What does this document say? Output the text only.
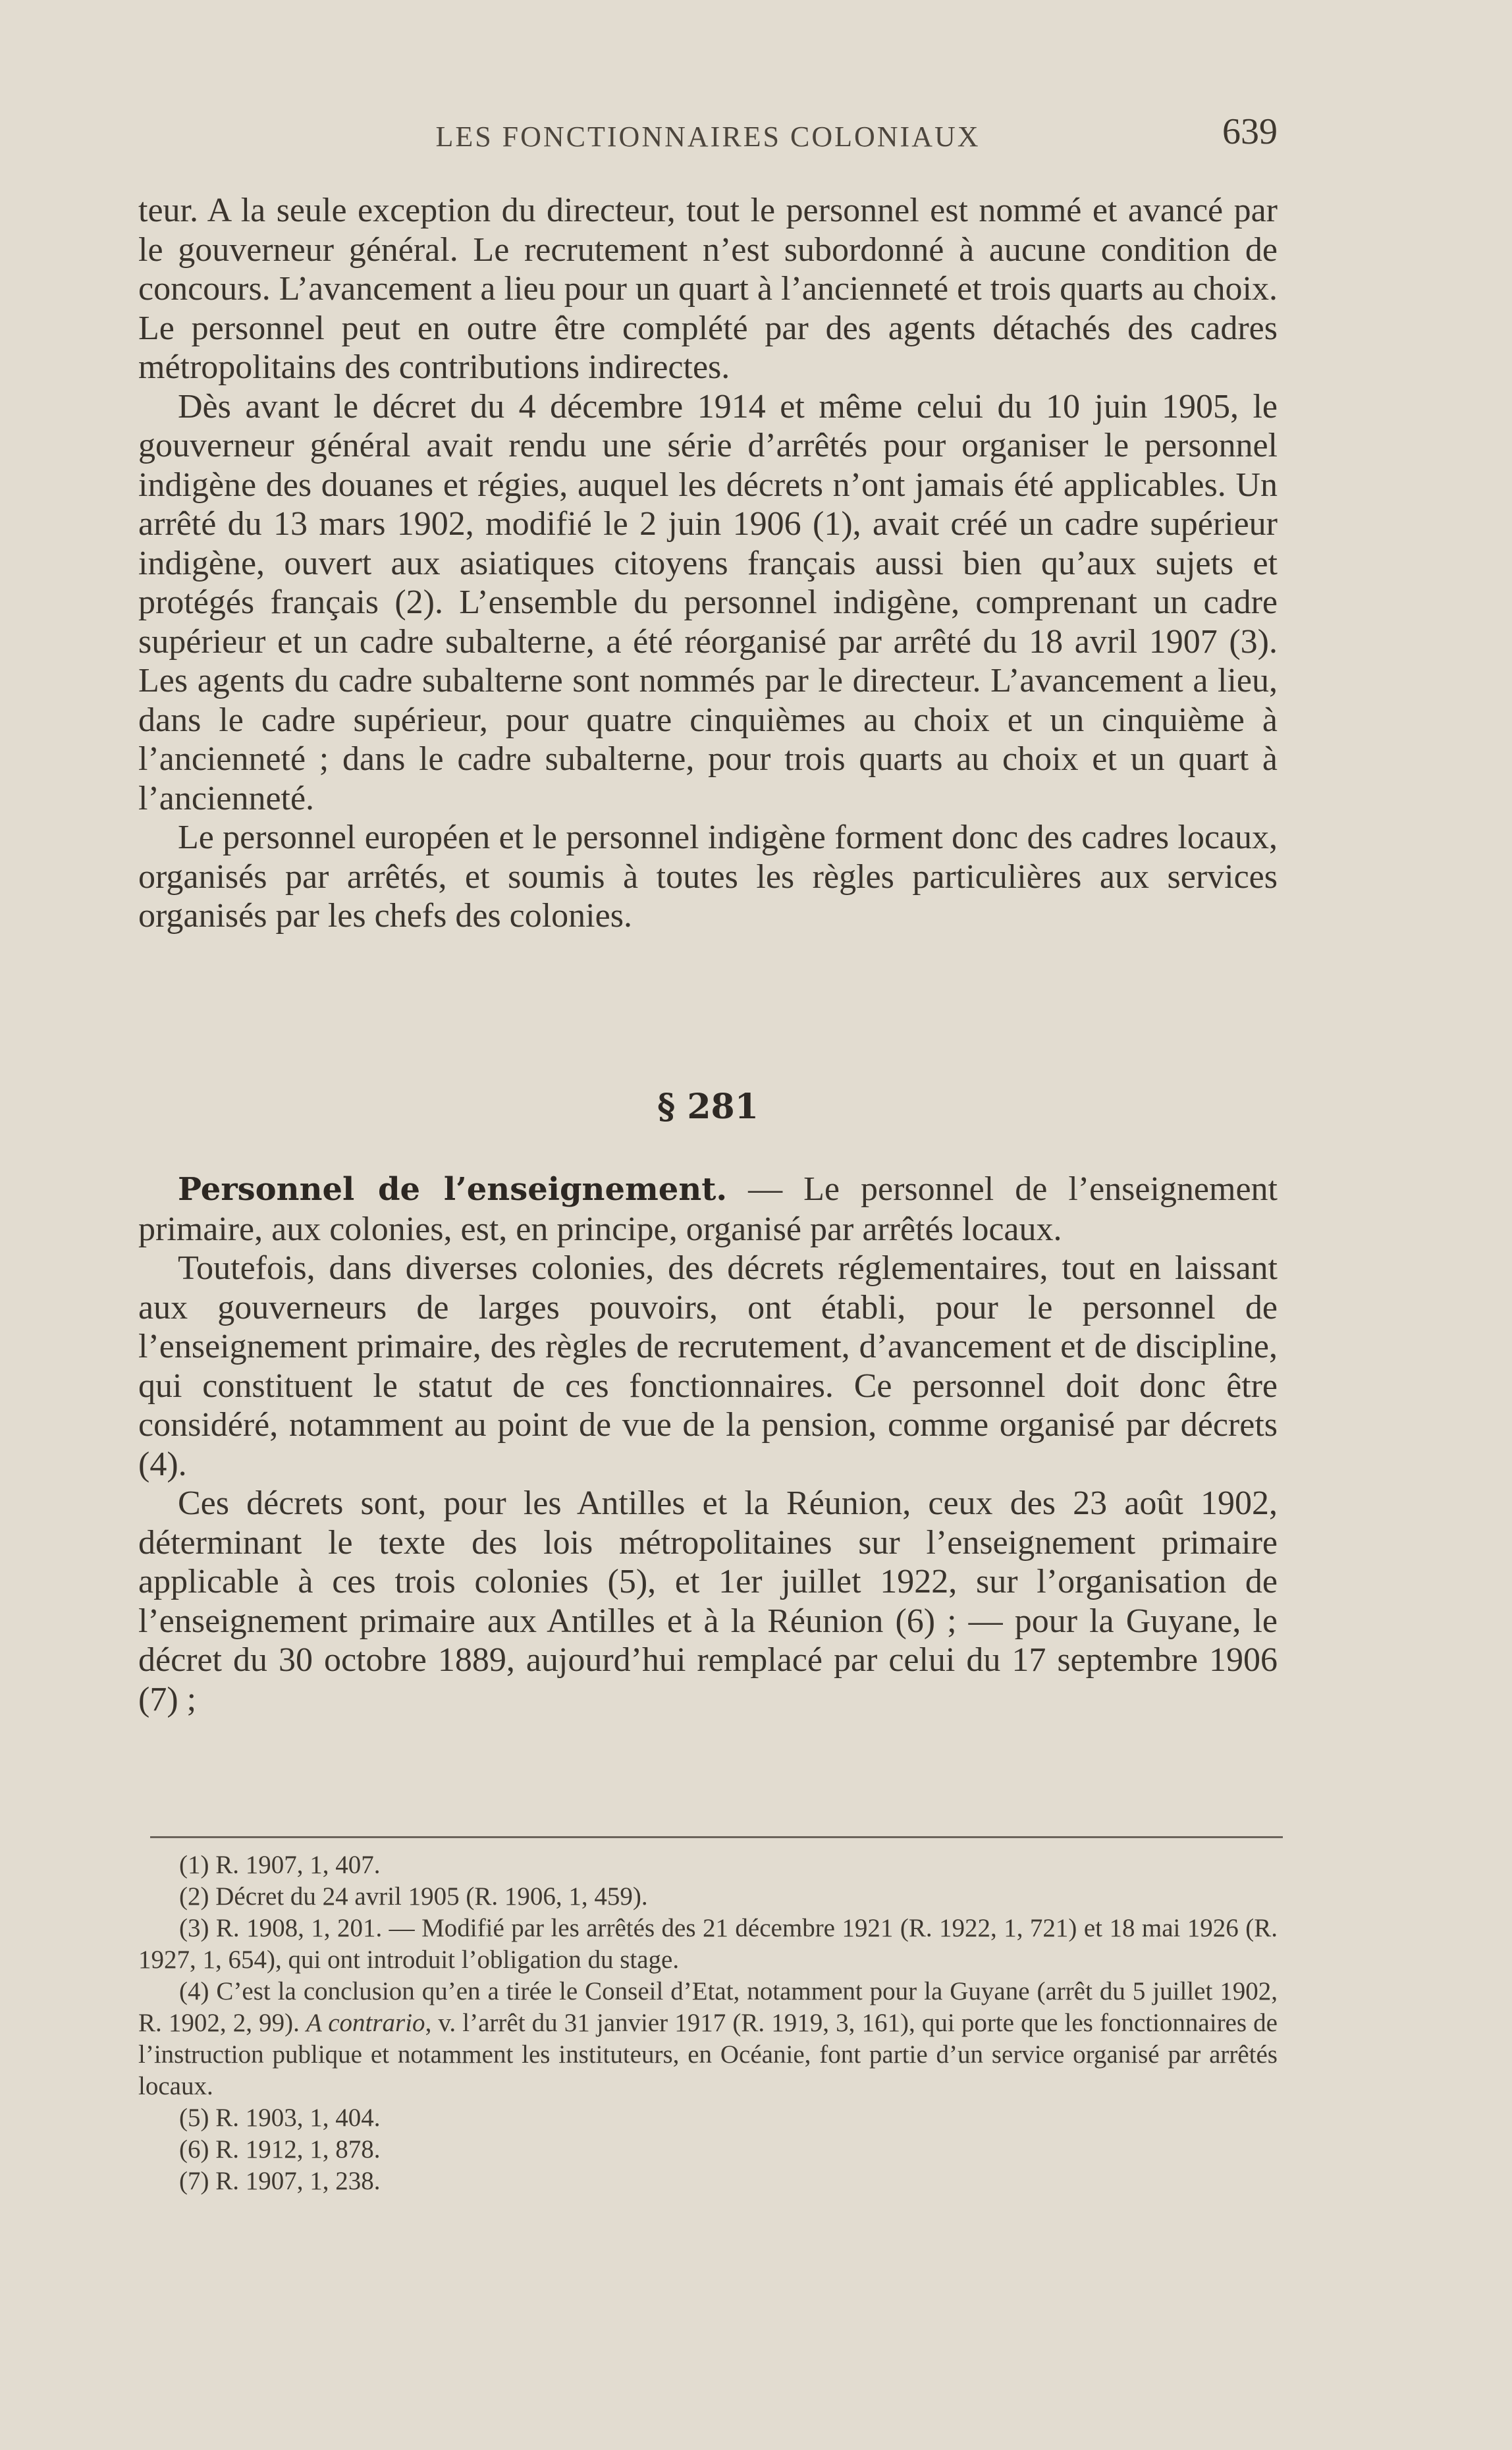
LES FONCTIONNAIRES COLONIAUX	639

teur. A la seule exception du directeur, tout le personnel est nommé et avancé par le gouverneur général. Le recrutement n’est subordonné à aucune condition de concours. L’avancement a lieu pour un quart à l’ancienneté et trois quarts au choix. Le personnel peut en outre être complété par des agents détachés des cadres métropolitains des contributions indirectes.

Dès avant le décret du 4 décembre 1914 et même celui du 10 juin 1905, le gouverneur général avait rendu une série d’arrêtés pour organiser le personnel indigène des douanes et régies, auquel les décrets n’ont jamais été applicables. Un arrêté du 13 mars 1902, modifié le 2 juin 1906 (1), avait créé un cadre supérieur indigène, ouvert aux asiatiques citoyens français aussi bien qu’aux sujets et protégés français (2). L’ensemble du personnel indigène, comprenant un cadre supérieur et un cadre subalterne, a été réorganisé par arrêté du 18 avril 1907 (3). Les agents du cadre subalterne sont nommés par le directeur. L’avancement a lieu, dans le cadre supérieur, pour quatre cinquièmes au choix et un cinquième à l’ancienneté ; dans le cadre subalterne, pour trois quarts au choix et un quart à l’ancienneté.

Le personnel européen et le personnel indigène forment donc des cadres locaux, organisés par arrêtés, et soumis à toutes les règles particulières aux services organisés par les chefs des colonies.

§ 281

Personnel de l’enseignement. — Le personnel de l’enseignement primaire, aux colonies, est, en principe, organisé par arrêtés locaux.

Toutefois, dans diverses colonies, des décrets réglementaires, tout en laissant aux gouverneurs de larges pouvoirs, ont établi, pour le personnel de l’enseignement primaire, des règles de recrutement, d’avancement et de discipline, qui constituent le statut de ces fonctionnaires. Ce personnel doit donc être considéré, notamment au point de vue de la pension, comme organisé par décrets (4).

Ces décrets sont, pour les Antilles et la Réunion, ceux des 23 août 1902, déterminant le texte des lois métropolitaines sur l’enseignement primaire applicable à ces trois colonies (5), et 1er juillet 1922, sur l’organisation de l’enseignement primaire aux Antilles et à la Réunion (6) ; — pour la Guyane, le décret du 30 octobre 1889, aujourd’hui remplacé par celui du 17 septembre 1906 (7) ;

(1) R. 1907, 1, 407.

(2) Décret du 24 avril 1905 (R. 1906, 1, 459).

(3) R. 1908, 1, 201. — Modifié par les arrêtés des 21 décembre 1921 (R. 1922, 1, 721) et 18 mai 1926 (R. 1927, 1, 654), qui ont introduit l’obligation du stage.

(4) C’est la conclusion qu’en a tirée le Conseil d’Etat, notamment pour la Guyane (arrêt du 5 juillet 1902, R. 1902, 2, 99). A contrario, v. l’arrêt du 31 janvier 1917 (R. 1919, 3, 161), qui porte que les fonctionnaires de l’instruction publique et notamment les instituteurs, en Océanie, font partie d’un service organisé par arrêtés locaux.

(5) R. 1903, 1, 404.

(6) R. 1912, 1, 878.

(7) R. 1907, 1, 238.
